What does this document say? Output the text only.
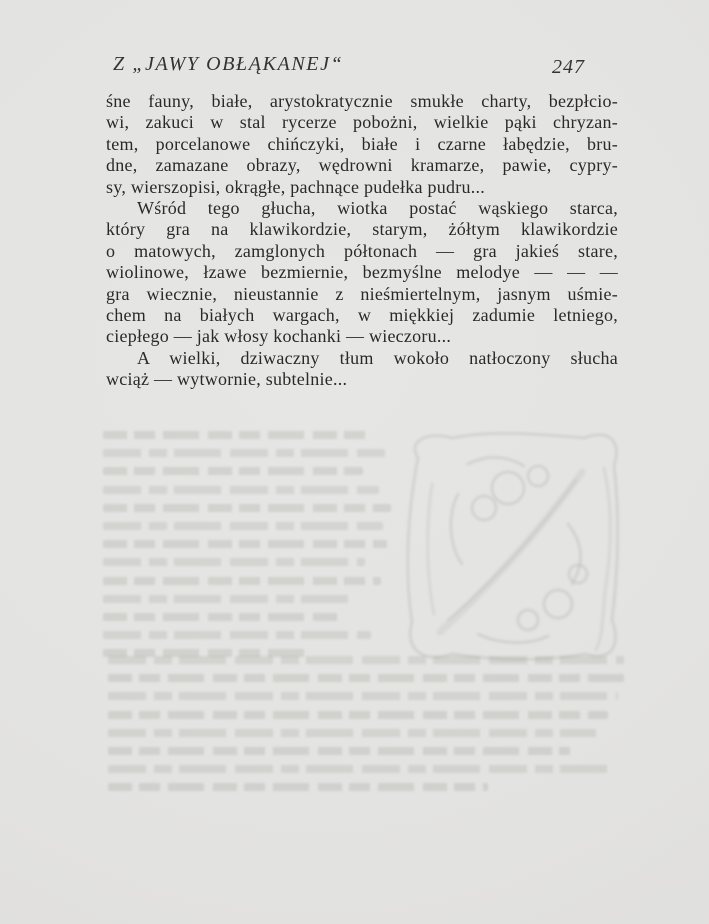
Z „JAWY OBŁĄKANEJ“	247
śne fauny, białe, arystokratycznie smukłe charty, bezpłcio-
wi, zakuci w stal rycerze pobożni, wielkie pąki chryzan-
tem, porcelanowe chińczyki, białe i czarne łabędzie, bru-
dne, zamazane obrazy, wędrowni kramarze, pawie, cypry-
sy, wierszopisi, okrągłe, pachnące pudełka pudru...
Wśród tego głucha, wiotka postać wąskiego starca,
który gra na klawikordzie, starym, żółtym klawikordzie
o matowych, zamglonych półtonach — gra jakieś stare,
wiolinowe, łzawe bezmiernie, bezmyślne melodye — — —
gra wiecznie, nieustannie z nieśmiertelnym, jasnym uśmie-
chem na białych wargach, w miękkiej zadumie letniego,
ciepłego — jak włosy kochanki — wieczoru...
A wielki, dziwaczny tłum wokoło natłoczony słucha
wciąż — wytwornie, subtelnie...
